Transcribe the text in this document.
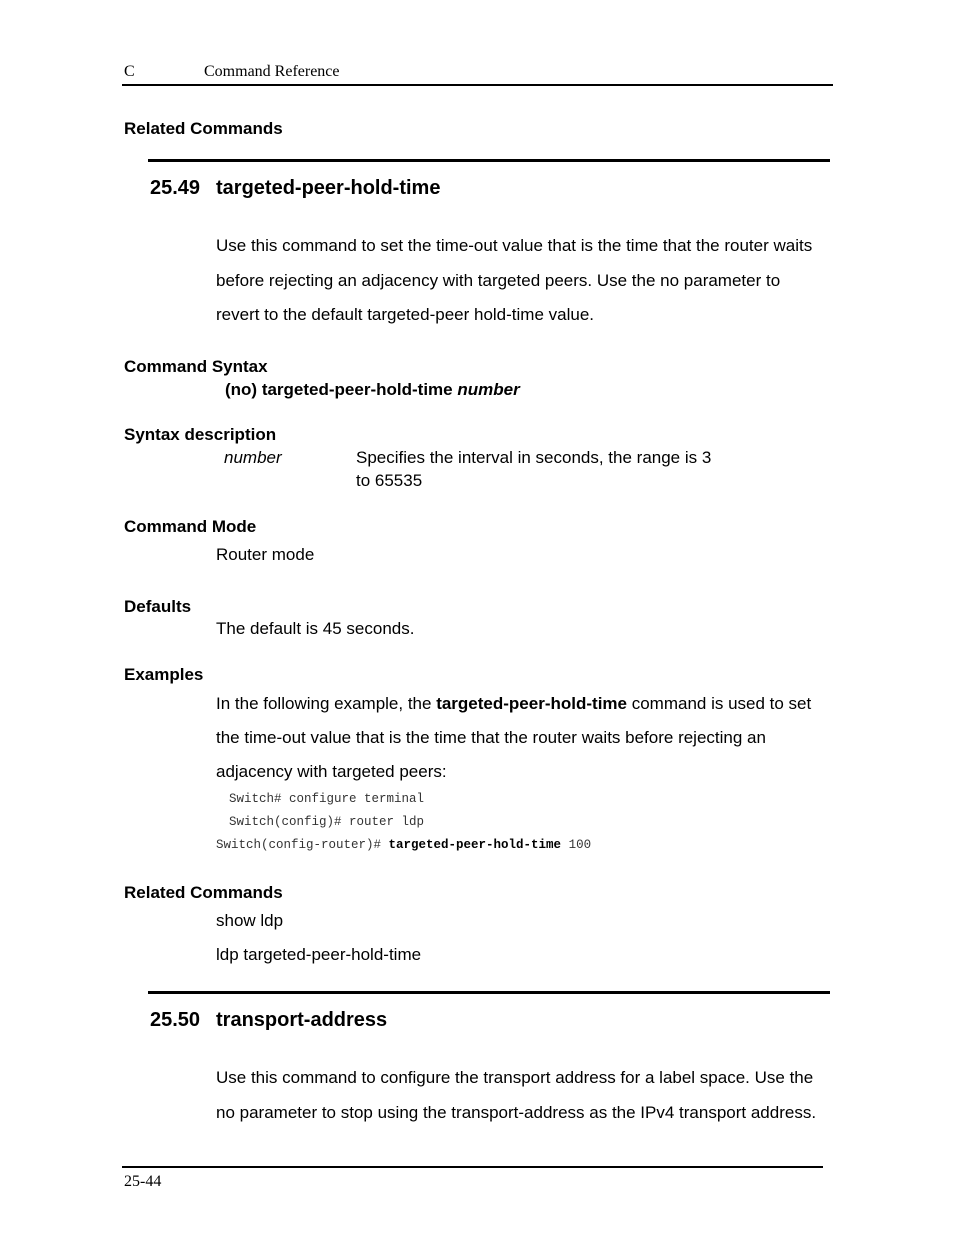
C	Command Reference
Related Commands
25.49 targeted-peer-hold-time
Use this command to set the time-out value that is the time that the router waits
before rejecting an adjacency with targeted peers. Use the no parameter to
revert to the default targeted-peer hold-time value.
Command Syntax
(no) targeted-peer-hold-time number
Syntax description
number	Specifies the interval in seconds, the range is 3
to 65535
Command Mode
Router mode
Defaults
The default is 45 seconds.
Examples
In the following example, the targeted-peer-hold-time command is used to set
the time-out value that is the time that the router waits before rejecting an
adjacency with targeted peers:
Switch# configure terminal
Switch(config)# router ldp
Switch(config-router)# targeted-peer-hold-time 100
Related Commands
show ldp
ldp targeted-peer-hold-time
25.50 transport-address
Use this command to configure the transport address for a label space. Use the
no parameter to stop using the transport-address as the IPv4 transport address.
25-44
